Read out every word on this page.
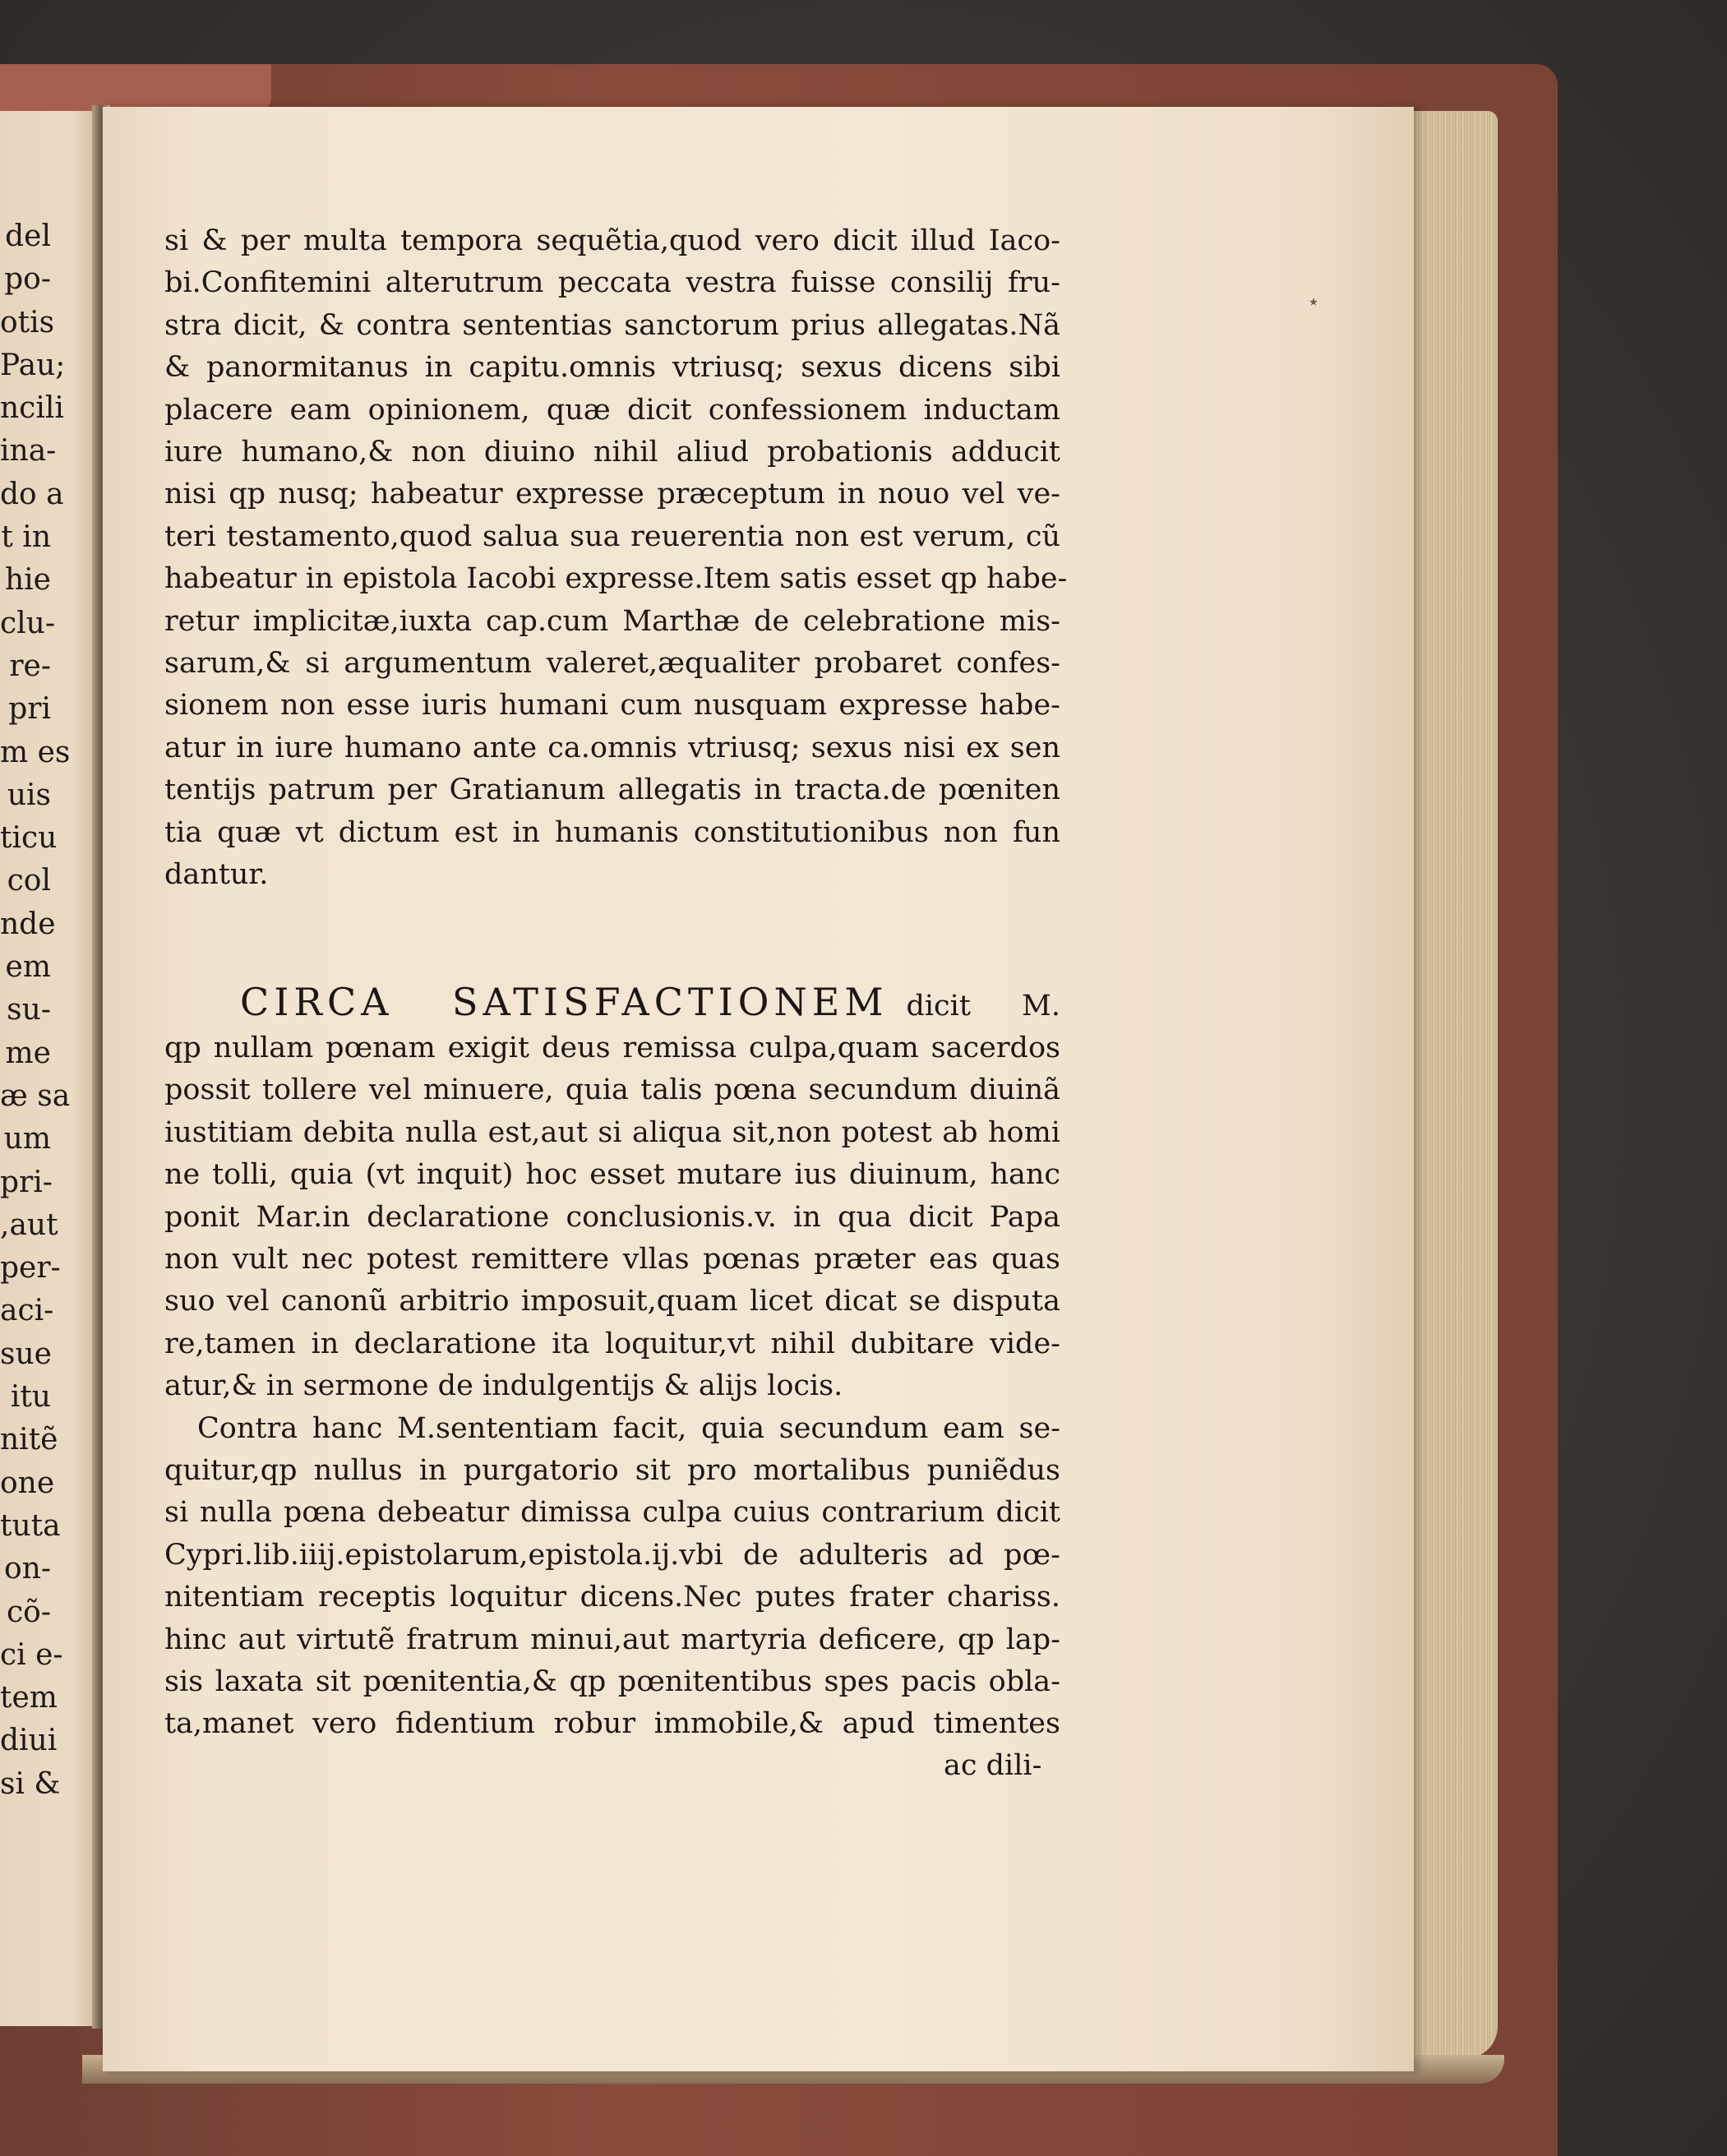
del
po-
otis
Pau;
ncili
ina-
do a
t in
hie
clu-
re-
pri
m es
uis
ticu
col
nde
em
su-
me
æ sa
um
pri-
,aut
per-
aci-
sue
itu
nitẽ
one
tuta
on-
cõ-
ci e-
tem
diui
si &
si & per multa tempora sequẽtia,quod vero dicit illud Iaco-
bi.Confitemini alterutrum peccata vestra fuisse consilij fru-
stra dicit, & contra sententias sanctorum prius allegatas.Nã
& panormitanus in capitu.omnis vtriusq; sexus dicens sibi
placere eam opinionem, quæ dicit confessionem inductam
iure humano,& non diuino nihil aliud probationis adducit
nisi qp nusq; habeatur expresse præceptum in nouo vel ve-
teri testamento,quod salua sua reuerentia non est verum, cũ
habeatur in epistola Iacobi expresse.Item satis esset qp habe-
retur implicitæ,iuxta cap.cum Marthæ de celebratione mis-
sarum,& si argumentum valeret,æqualiter probaret confes-
sionem non esse iuris humani cum nusquam expresse habe-
atur in iure humano ante ca.omnis vtriusq; sexus nisi ex sen
tentijs patrum per Gratianum allegatis in tracta.de pœniten
tia quæ vt dictum est in humanis constitutionibus non fun
dantur.
CIRCA SATISFACTIONEM dicit M.
qp nullam pœnam exigit deus remissa culpa,quam sacerdos
possit tollere vel minuere, quia talis pœna secundum diuinã
iustitiam debita nulla est,aut si aliqua sit,non potest ab homi
ne tolli, quia (vt inquit) hoc esset mutare ius diuinum, hanc
ponit Mar.in declaratione conclusionis.v. in qua dicit Papa
non vult nec potest remittere vllas pœnas præter eas quas
suo vel canonũ arbitrio imposuit,quam licet dicat se disputa
re,tamen in declaratione ita loquitur,vt nihil dubitare vide-
atur,& in sermone de indulgentijs & alijs locis.
Contra hanc M.sententiam facit, quia secundum eam se-
quitur,qp nullus in purgatorio sit pro mortalibus puniẽdus
si nulla pœna debeatur dimissa culpa cuius contrarium dicit
Cypri.lib.iiij.epistolarum,epistola.ij.vbi de adulteris ad pœ-
nitentiam receptis loquitur dicens.Nec putes frater chariss.
hinc aut virtutẽ fratrum minui,aut martyria deficere, qp lap-
sis laxata sit pœnitentia,& qp pœnitentibus spes pacis obla-
ta,manet vero fidentium robur immobile,& apud timentes
ac dili-
٭
